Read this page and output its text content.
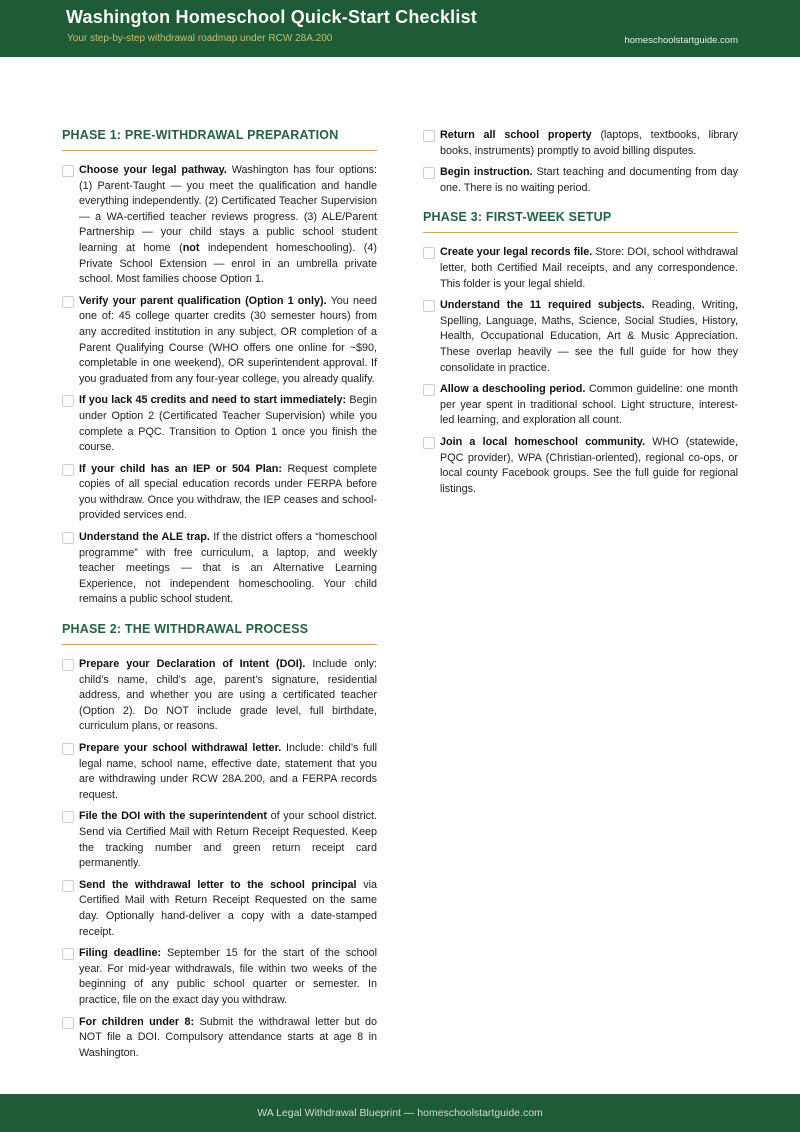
Washington Homeschool Quick-Start Checklist
Your step-by-step withdrawal roadmap under RCW 28A.200	homeschoolstartguide.com
PHASE 1: PRE-WITHDRAWAL PREPARATION

Choose your legal pathway. Washington has four options: (1) Parent-Taught — you meet the qualification and handle everything independently. (2) Certificated Teacher Supervision — a WA-certified teacher reviews progress. (3) ALE/Parent Partnership — your child stays a public school student learning at home (not independent homeschooling). (4) Private School Extension — enrol in an umbrella private school. Most families choose Option 1.

Verify your parent qualification (Option 1 only). You need one of: 45 college quarter credits (30 semester hours) from any accredited institution in any subject, OR completion of a Parent Qualifying Course (WHO offers one online for ~$90, completable in one weekend), OR superintendent approval. If you graduated from any four-year college, you already qualify.

If you lack 45 credits and need to start immediately: Begin under Option 2 (Certificated Teacher Supervision) while you complete a PQC. Transition to Option 1 once you finish the course.

If your child has an IEP or 504 Plan: Request complete copies of all special education records under FERPA before you withdraw. Once you withdraw, the IEP ceases and school-provided services end.

Understand the ALE trap. If the district offers a “homeschool programme” with free curriculum, a laptop, and weekly teacher meetings — that is an Alternative Learning Experience, not independent homeschooling. Your child remains a public school student.

PHASE 2: THE WITHDRAWAL PROCESS

Prepare your Declaration of Intent (DOI). Include only: child’s name, child’s age, parent’s signature, residential address, and whether you are using a certificated teacher (Option 2). Do NOT include grade level, full birthdate, curriculum plans, or reasons.

Prepare your school withdrawal letter. Include: child’s full legal name, school name, effective date, statement that you are withdrawing under RCW 28A.200, and a FERPA records request.

File the DOI with the superintendent of your school district. Send via Certified Mail with Return Receipt Requested. Keep the tracking number and green return receipt card permanently.

Send the withdrawal letter to the school principal via Certified Mail with Return Receipt Requested on the same day. Optionally hand-deliver a copy with a date-stamped receipt.

Filing deadline: September 15 for the start of the school year. For mid-year withdrawals, file within two weeks of the beginning of any public school quarter or semester. In practice, file on the exact day you withdraw.

For children under 8: Submit the withdrawal letter but do NOT file a DOI. Compulsory attendance starts at age 8 in Washington.

Return all school property (laptops, textbooks, library books, instruments) promptly to avoid billing disputes.

Begin instruction. Start teaching and documenting from day one. There is no waiting period.

PHASE 3: FIRST-WEEK SETUP

Create your legal records file. Store: DOI, school withdrawal letter, both Certified Mail receipts, and any correspondence. This folder is your legal shield.

Understand the 11 required subjects. Reading, Writing, Spelling, Language, Maths, Science, Social Studies, History, Health, Occupational Education, Art & Music Appreciation. These overlap heavily — see the full guide for how they consolidate in practice.

Allow a deschooling period. Common guideline: one month per year spent in traditional school. Light structure, interest-led learning, and exploration all count.

Join a local homeschool community. WHO (statewide, PQC provider), WPA (Christian-oriented), regional co-ops, or local county Facebook groups. See the full guide for regional listings.

WA Legal Withdrawal Blueprint — homeschoolstartguide.com
